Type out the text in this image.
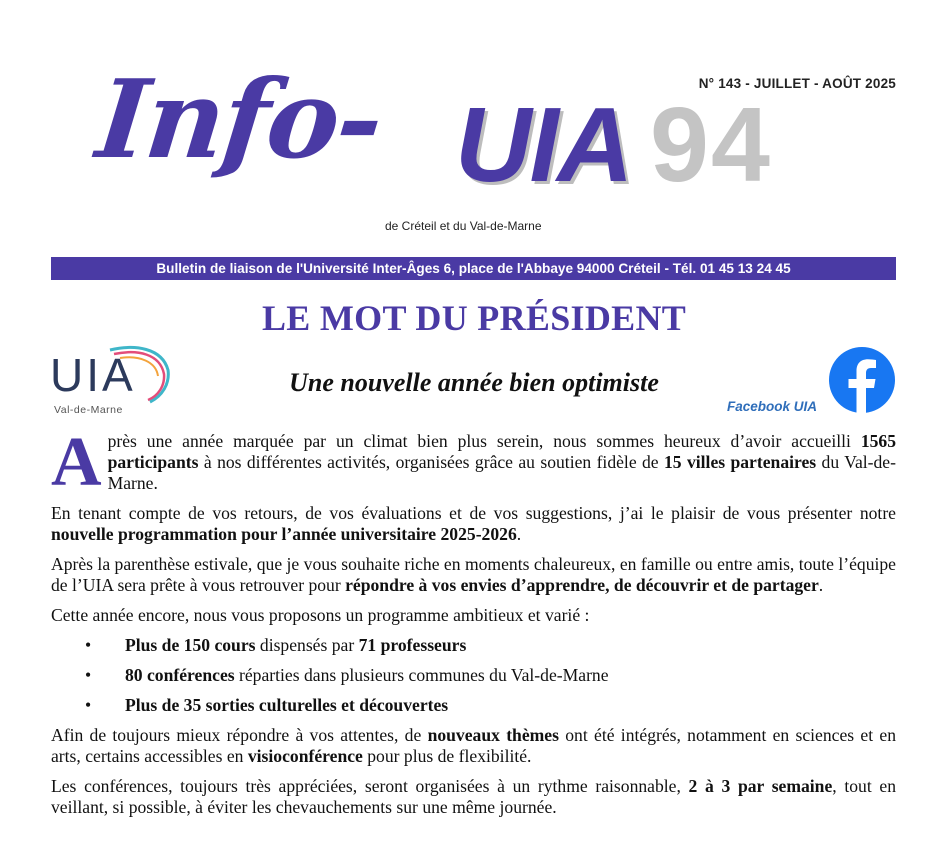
N° 143 - JUILLET - AOÛT 2025
94
Info- UIA
de Créteil et du Val-de-Marne
Bulletin de liaison de l'Université Inter-Âges 6, place de l'Abbaye 94000 Créteil - Tél. 01 45 13 24 45
LE MOT DU PRÉSIDENT
UIA
Val-de-Marne
Une nouvelle année bien optimiste
Facebook UIA

Après une année marquée par un climat bien plus serein, nous sommes heureux d’avoir accueilli 1565 participants à nos différentes activités, organisées grâce au soutien fidèle de 15 villes partenaires du Val-de-Marne.

En tenant compte de vos retours, de vos évaluations et de vos suggestions, j’ai le plaisir de vous présenter notre nouvelle programmation pour l’année universitaire 2025-2026.

Après la parenthèse estivale, que je vous souhaite riche en moments chaleureux, en famille ou entre amis, toute l’équipe de l’UIA sera prête à vous retrouver pour répondre à vos envies d’apprendre, de découvrir et de partager.

Cette année encore, nous vous proposons un programme ambitieux et varié :

• Plus de 150 cours dispensés par 71 professeurs
• 80 conférences réparties dans plusieurs communes du Val-de-Marne
• Plus de 35 sorties culturelles et découvertes

Afin de toujours mieux répondre à vos attentes, de nouveaux thèmes ont été intégrés, notamment en sciences et en arts, certains accessibles en visioconférence pour plus de flexibilité.

Les conférences, toujours très appréciées, seront organisées à un rythme raisonnable, 2 à 3 par semaine, tout en veillant, si possible, à éviter les chevauchements sur une même journée.
